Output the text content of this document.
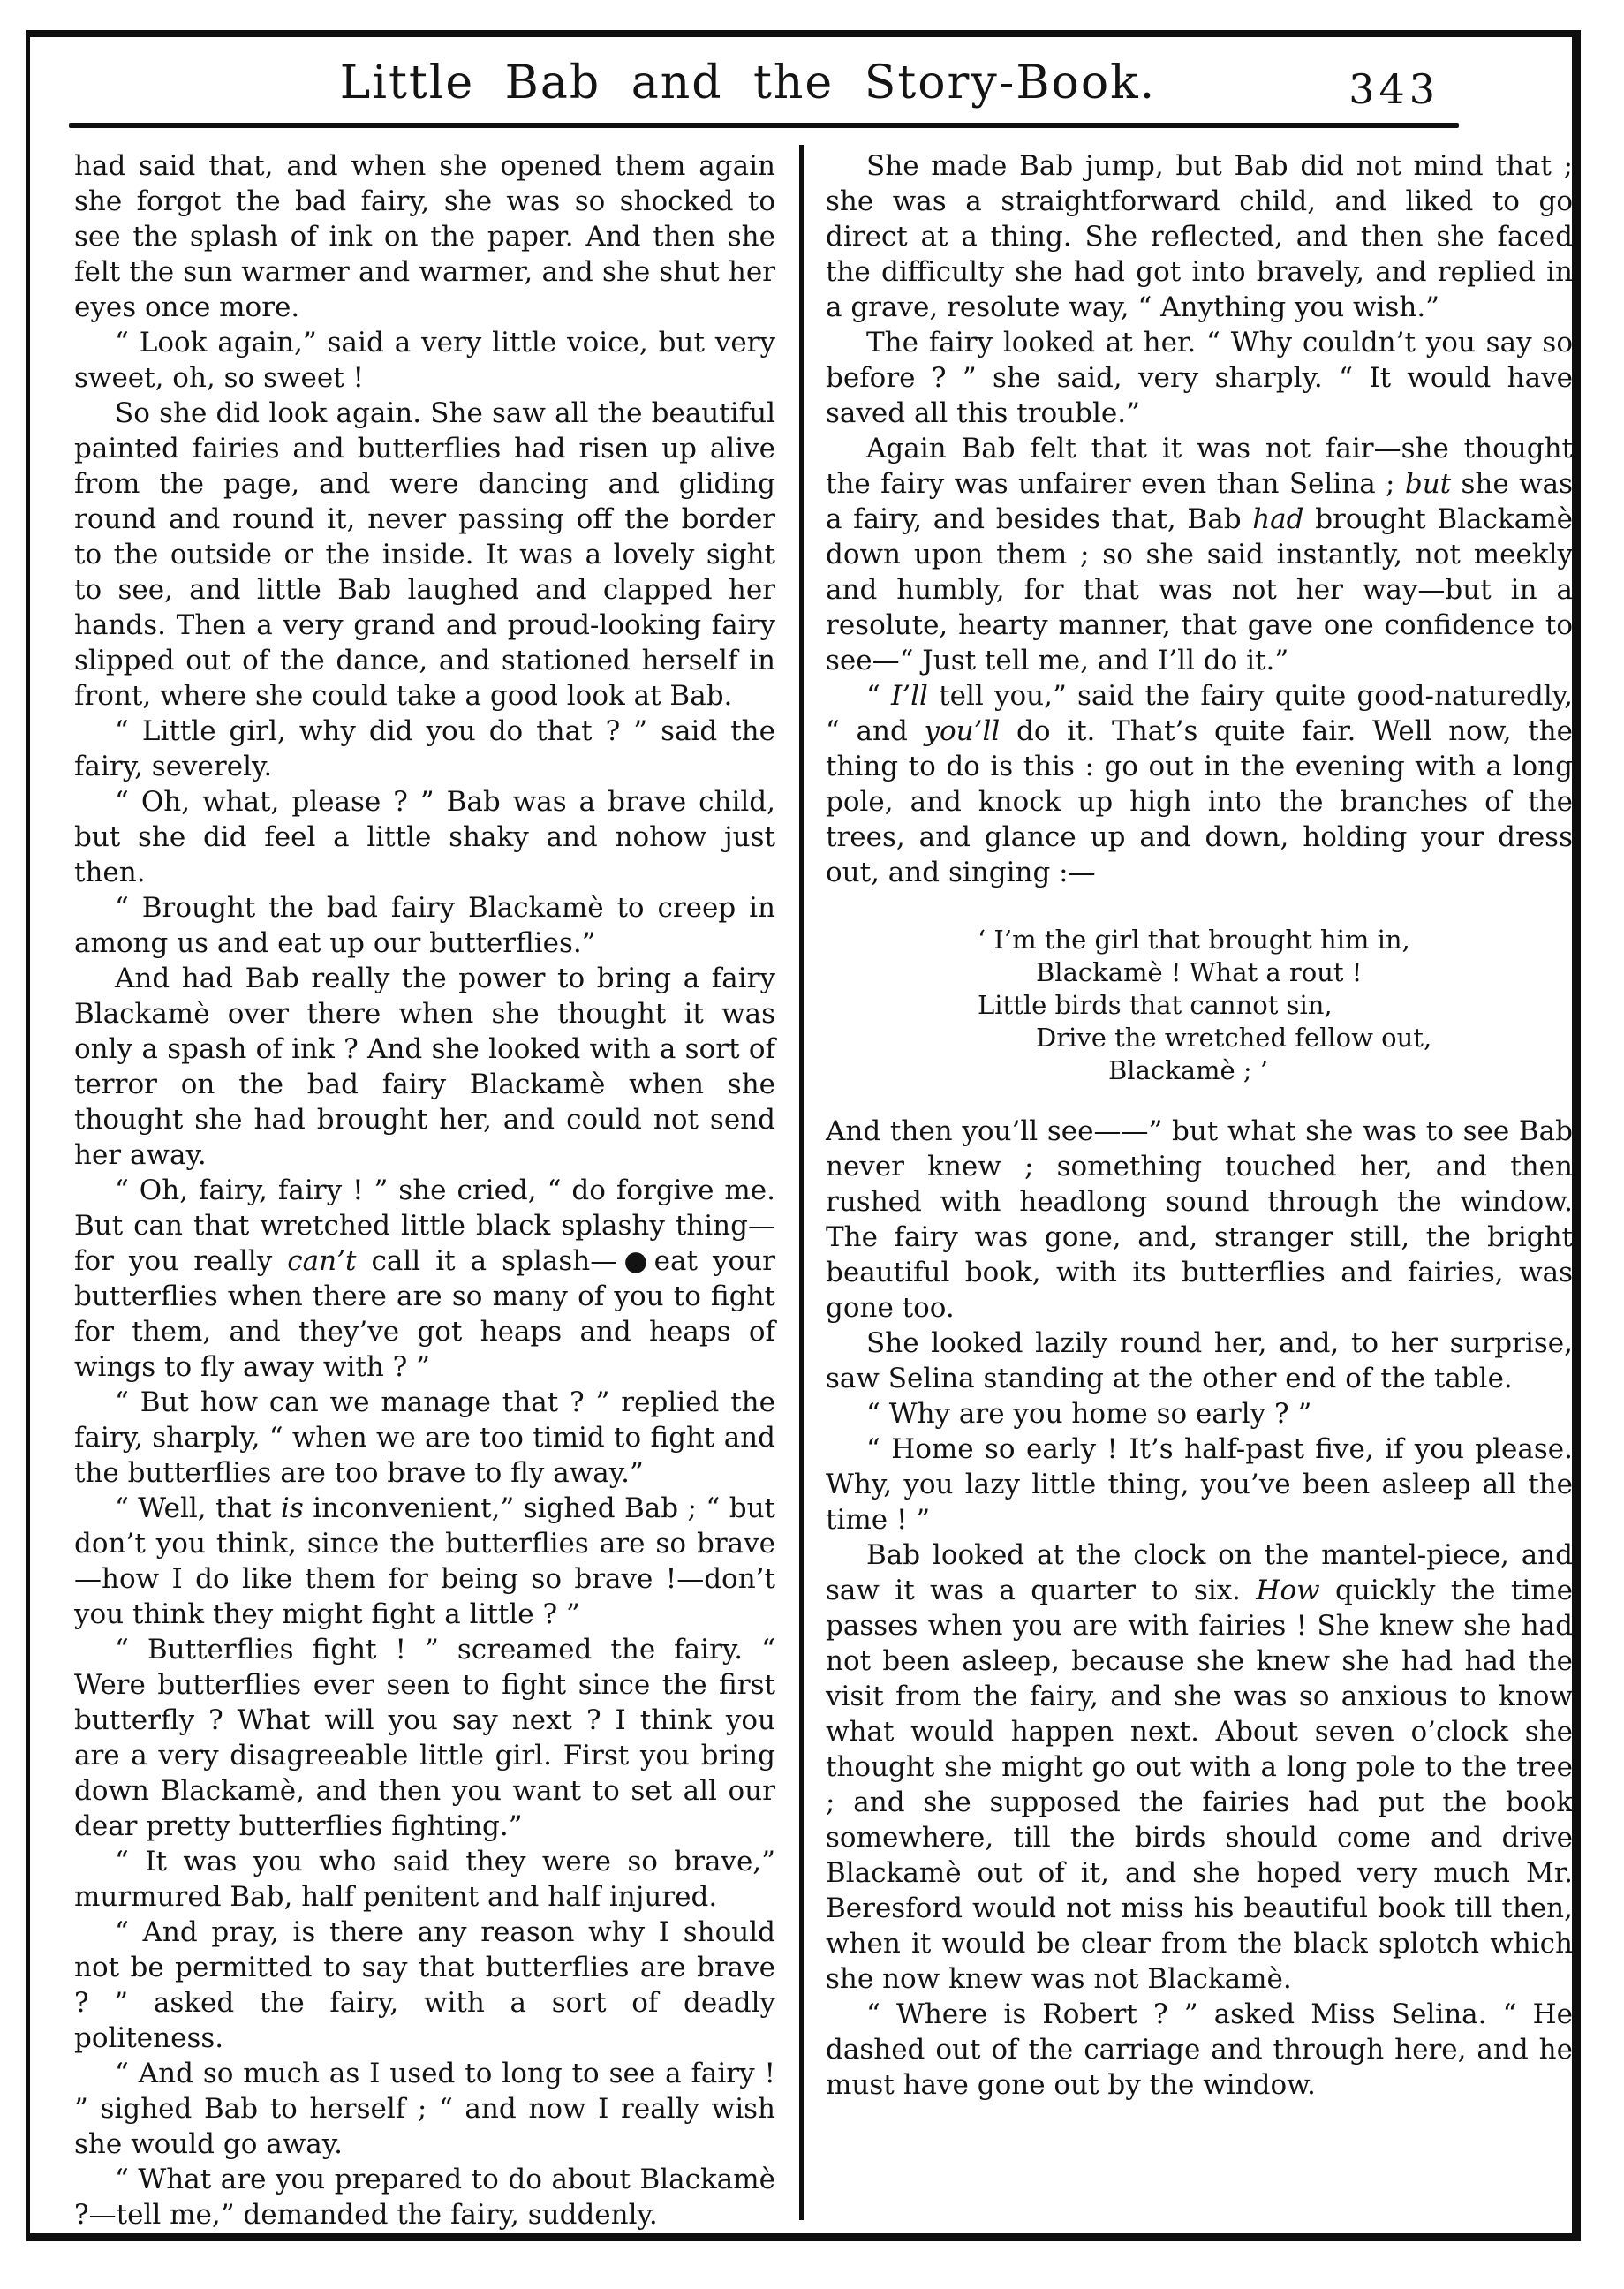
Little Bab and the Story-Book.	343

had said that, and when she opened them again she forgot the bad fairy, she was so shocked to see the splash of ink on the paper. And then she felt the sun warmer and warmer, and she shut her eyes once more.

“ Look again,” said a very little voice, but very sweet, oh, so sweet !

So she did look again. She saw all the beautiful painted fairies and butterflies had risen up alive from the page, and were dancing and gliding round and round it, never passing off the border to the outside or the inside. It was a lovely sight to see, and little Bab laughed and clapped her hands. Then a very grand and proud-looking fairy slipped out of the dance, and stationed herself in front, where she could take a good look at Bab.

“ Little girl, why did you do that ? ” said the fairy, severely.

“ Oh, what, please ? ” Bab was a brave child, but she did feel a little shaky and nohow just then.

“ Brought the bad fairy Blackamè to creep in among us and eat up our butterflies.”

And had Bab really the power to bring a fairy Blackamè over there when she thought it was only a spash of ink ? And she looked with a sort of terror on the bad fairy Blackamè when she thought she had brought her, and could not send her away.

“ Oh, fairy, fairy ! ” she cried, “ do forgive me. But can that wretched little black splashy thing—for you really can’t call it a splash—●eat your butterflies when there are so many of you to fight for them, and they’ve got heaps and heaps of wings to fly away with ? ”

“ But how can we manage that ? ” replied the fairy, sharply, “ when we are too timid to fight and the butterflies are too brave to fly away.”

“ Well, that is inconvenient,” sighed Bab ; “ but don’t you think, since the butterflies are so brave—how I do like them for being so brave !—don’t you think they might fight a little ? ”

“ Butterflies fight ! ” screamed the fairy. “ Were butterflies ever seen to fight since the first butterfly ? What will you say next ? I think you are a very disagreeable little girl. First you bring down Blackamè, and then you want to set all our dear pretty butterflies fighting.”

“ It was you who said they were so brave,” murmured Bab, half penitent and half injured.

“ And pray, is there any reason why I should not be permitted to say that butterflies are brave ? ” asked the fairy, with a sort of deadly politeness.

“ And so much as I used to long to see a fairy ! ” sighed Bab to herself ; “ and now I really wish she would go away.

“ What are you prepared to do about Blackamè ?—tell me,” demanded the fairy, suddenly.

She made Bab jump, but Bab did not mind that ; she was a straightforward child, and liked to go direct at a thing. She reflected, and then she faced the difficulty she had got into bravely, and replied in a grave, resolute way, “ Anything you wish.”

The fairy looked at her. “ Why couldn’t you say so before ? ” she said, very sharply. “ It would have saved all this trouble.”

Again Bab felt that it was not fair—she thought the fairy was unfairer even than Selina ; but she was a fairy, and besides that, Bab had brought Blackamè down upon them ; so she said instantly, not meekly and humbly, for that was not her way—but in a resolute, hearty manner, that gave one confidence to see—“ Just tell me, and I’ll do it.”

“ I’ll tell you,” said the fairy quite good-naturedly, “ and you’ll do it. That’s quite fair. Well now, the thing to do is this : go out in the evening with a long pole, and knock up high into the branches of the trees, and glance up and down, holding your dress out, and singing :—

‘ I’m the girl that brought him in,

Blackamè ! What a rout !

Little birds that cannot sin,

Drive the wretched fellow out,

Blackamè ; ’

And then you’ll see——” but what she was to see Bab never knew ; something touched her, and then rushed with headlong sound through the window. The fairy was gone, and, stranger still, the bright beautiful book, with its butterflies and fairies, was gone too.

She looked lazily round her, and, to her surprise, saw Selina standing at the other end of the table.

“ Why are you home so early ? ”

“ Home so early ! It’s half-past five, if you please. Why, you lazy little thing, you’ve been asleep all the time ! ”

Bab looked at the clock on the mantel-piece, and saw it was a quarter to six. How quickly the time passes when you are with fairies ! She knew she had not been asleep, because she knew she had had the visit from the fairy, and she was so anxious to know what would happen next. About seven o’clock she thought she might go out with a long pole to the tree ; and she supposed the fairies had put the book somewhere, till the birds should come and drive Blackamè out of it, and she hoped very much Mr. Beresford would not miss his beautiful book till then, when it would be clear from the black splotch which she now knew was not Blackamè.

“ Where is Robert ? ” asked Miss Selina. “ He dashed out of the carriage and through here, and he must have gone out by the window.
